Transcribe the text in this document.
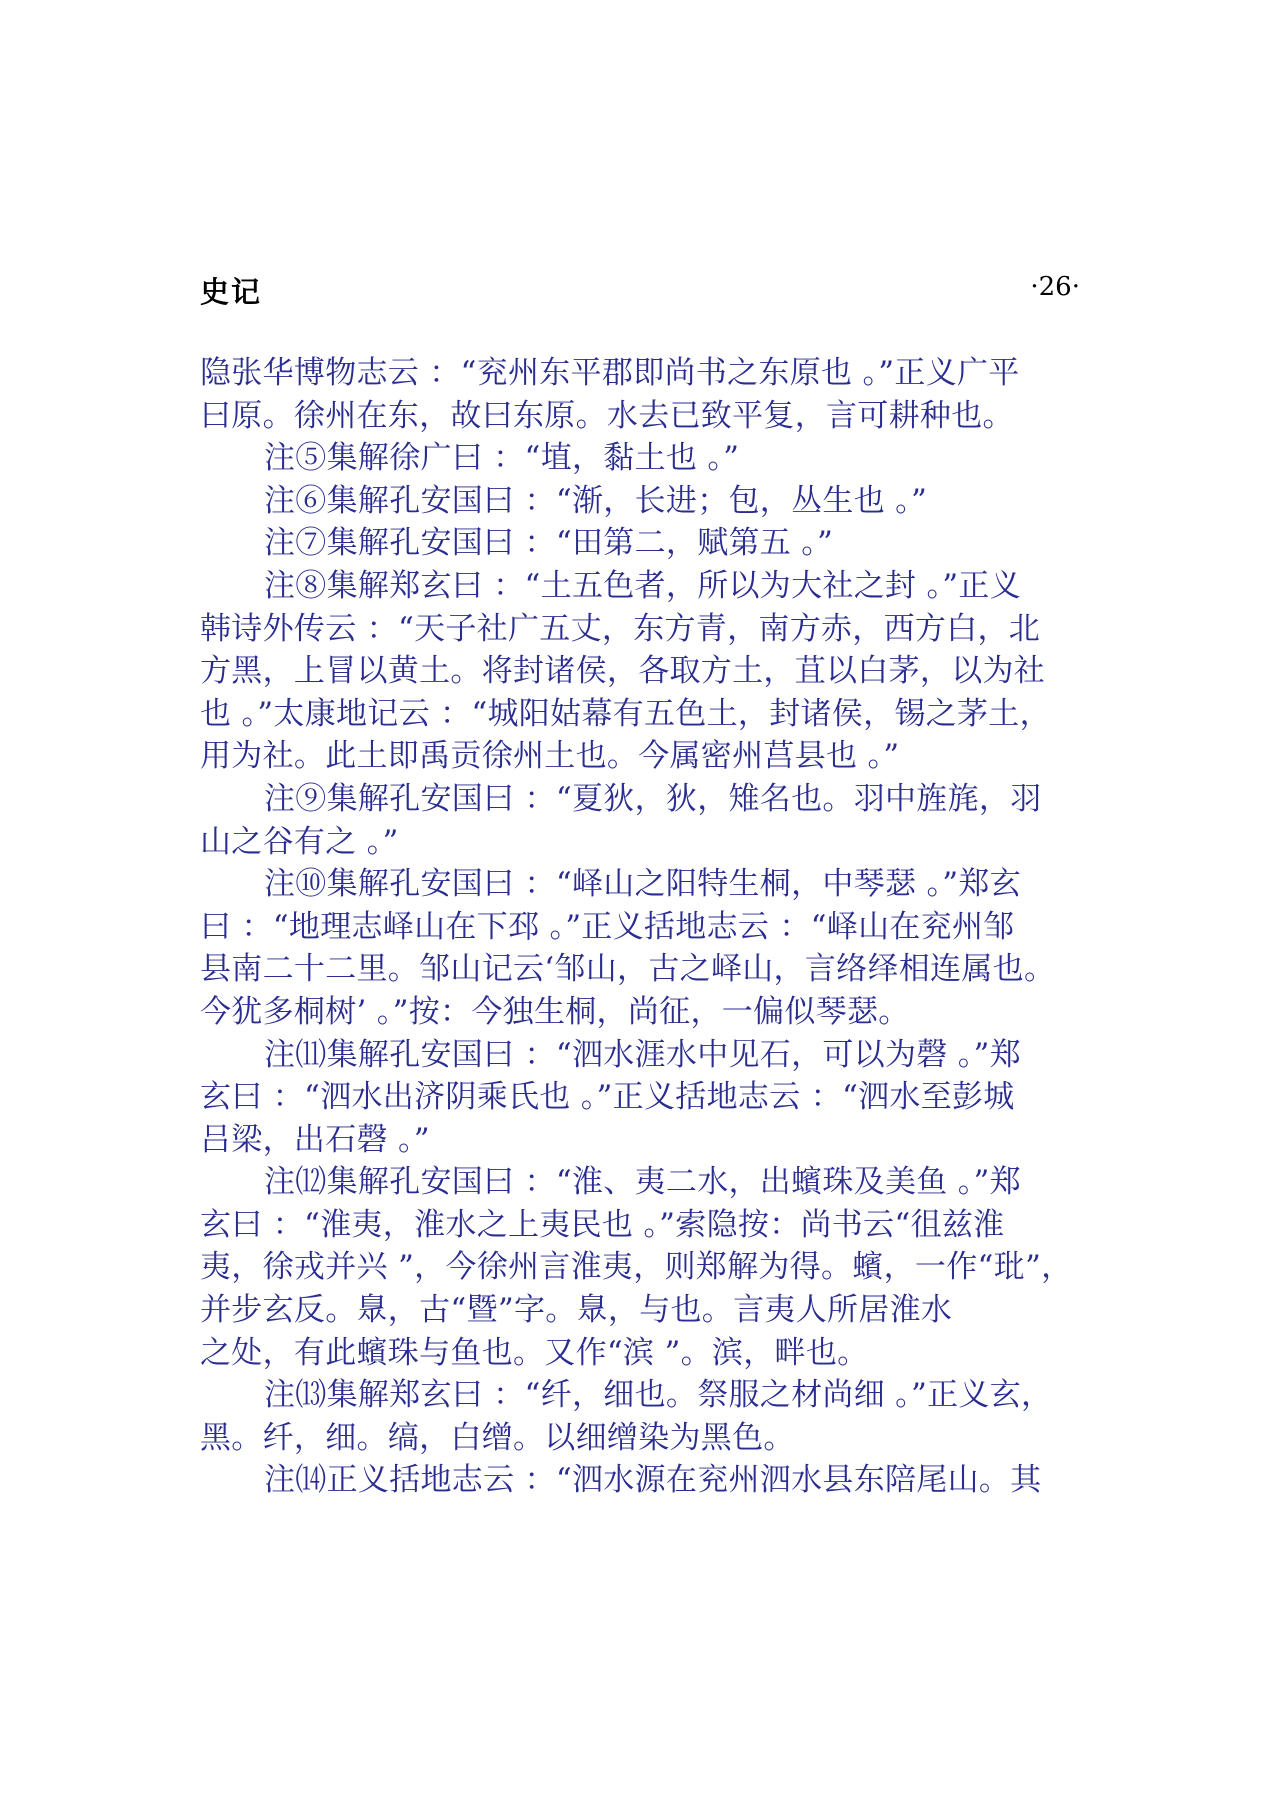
史记	·26·
隐张华博物志云 ：“兖州东平郡即尚书之东原也 。”正义广平
曰原。徐州在东，故曰东原。水去已致平复，言可耕种也。
注⑤集解徐广曰 ：“埴，黏土也 。”
注⑥集解孔安国曰 ：“渐，长进；包，丛生也 。”
注⑦集解孔安国曰 ：“田第二，赋第五 。”
注⑧集解郑玄曰 ：“土五色者，所以为大社之封 。”正义
韩诗外传云 ：“天子社广五丈，东方青，南方赤，西方白，北
方黑，上冒以黄土。将封诸侯，各取方土，苴以白茅，以为社
也 。”太康地记云 ：“城阳姑幕有五色土，封诸侯，锡之茅土，
用为社。此土即禹贡徐州土也。今属密州莒县也 。”
注⑨集解孔安国曰 ：“夏狄，狄，雉名也。羽中旌旄，羽
山之谷有之 。”
注⑩集解孔安国曰 ：“峄山之阳特生桐，中琴瑟 。”郑玄
曰 ：“地理志峄山在下邳 。”正义括地志云 ：“峄山在兖州邹
县南二十二里。邹山记云‘邹山，古之峄山，言络绎相连属也。
今犹多桐树’ 。”按：今独生桐，尚征，一偏似琴瑟。
注⑾集解孔安国曰 ：“泗水涯水中见石，可以为磬 。”郑
玄曰 ：“泗水出济阴乘氏也 。”正义括地志云 ：“泗水至彭城
吕梁，出石磬 。”
注⑿集解孔安国曰 ：“淮、夷二水，出蠙珠及美鱼 。”郑
玄曰 ：“淮夷，淮水之上夷民也 。”索隐按：尚书云“徂兹淮
夷，徐戎并兴 ”，今徐州言淮夷，则郑解为得。蠙，一作“玭”，
并步玄反。臮，古“暨”字。臮，与也。言夷人所居淮水
之处，有此蠙珠与鱼也。又作“滨 ”。滨，畔也。
注⒀集解郑玄曰 ：“纤，细也。祭服之材尚细 。”正义玄，
黑。纤，细。缟，白缯。以细缯染为黑色。
注⒁正义括地志云 ：“泗水源在兖州泗水县东陪尾山。其
